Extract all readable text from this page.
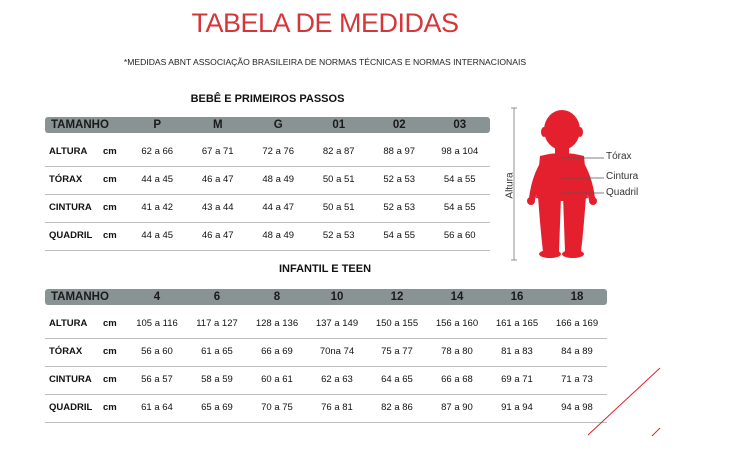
TABELA DE MEDIDAS
*MEDIDAS ABNT ASSOCIAÇÃO BRASILEIRA DE NORMAS TÉCNICAS E NORMAS INTERNACIONAIS
BEBÊ E PRIMEIROS PASSOS
TAMANHO	P	M	G	01	02	03
ALTURA cm	62 a 66	67 a 71	72 a 76	82 a 87	88 a 97	98 a 104
TÓRAX cm	44 a 45	46 a 47	48 a 49	50 a 51	52 a 53	54 a 55
CINTURA cm	41 a 42	43 a 44	44 a 47	50 a 51	52 a 53	54 a 55
QUADRIL cm	44 a 45	46 a 47	48 a 49	52 a 53	54 a 55	56 a 60
INFANTIL E TEEN
TAMANHO	4	6	8	10	12	14	16	18
ALTURA cm	105 a 116	117 a 127	128 a 136	137 a 149	150 a 155	156 a 160	161 a 165	166 a 169
TÓRAX cm	56 a 60	61 a 65	66 a 69	70na 74	75 a 77	78 a 80	81 a 83	84 a 89
CINTURA cm	56 a 57	58 a 59	60 a 61	62 a 63	64 a 65	66 a 68	69 a 71	71 a 73
QUADRIL cm	61 a 64	65 a 69	70 a 75	76 a 81	82 a 86	87 a 90	91 a 94	94 a 98
Altura
Tórax
Cintura
Quadril
